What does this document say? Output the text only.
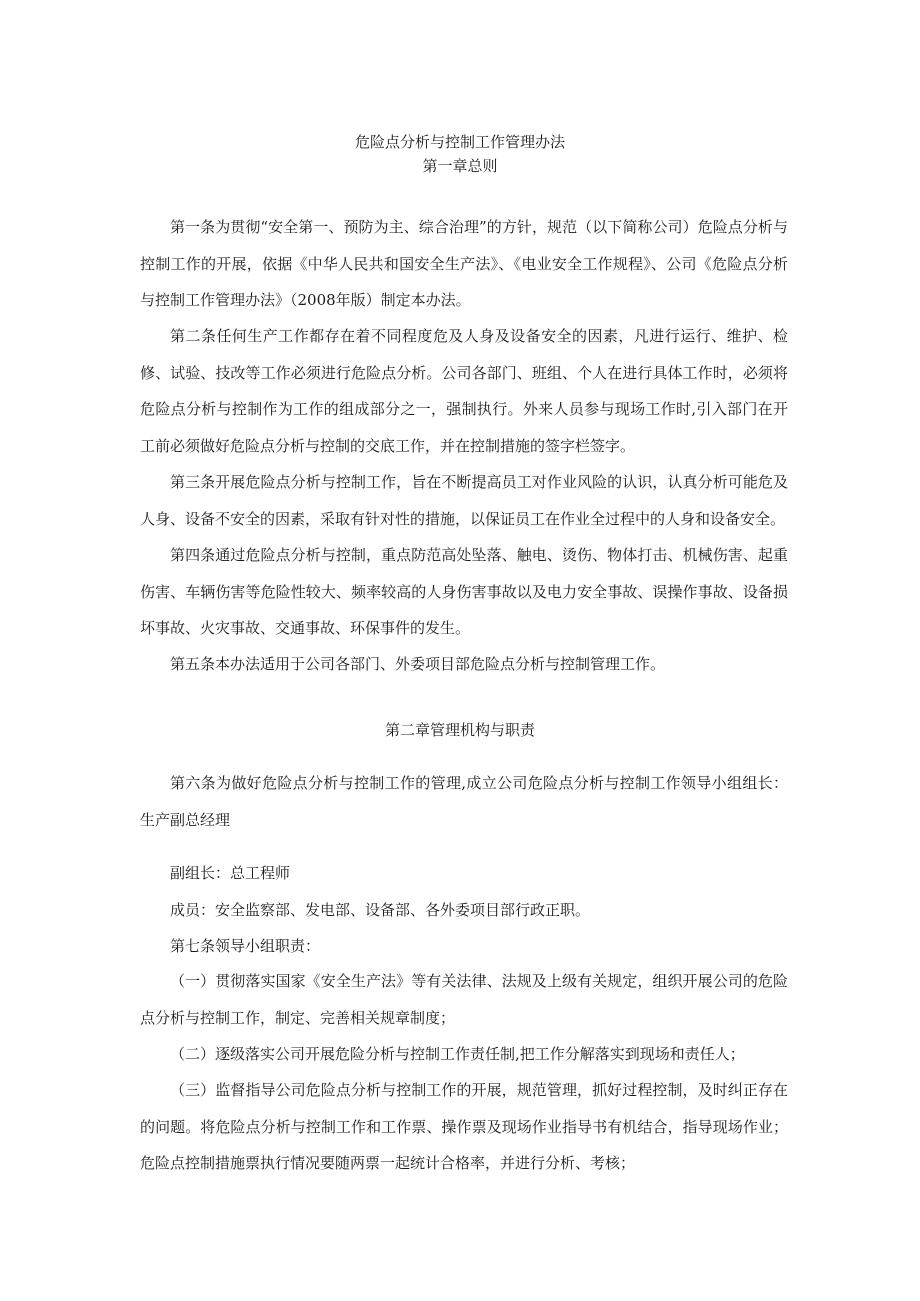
危险点分析与控制工作管理办法
第一章总则
第一条为贯彻“安全第一、预防为主、综合治理”的方针，规范（以下简称公司）危险点分析与控制工作的开展，依据《中华人民共和国安全生产法》、《电业安全工作规程》、公司《危险点分析与控制工作管理办法》（2008年版）制定本办法。
第二条任何生产工作都存在着不同程度危及人身及设备安全的因素，凡进行运行、维护、检修、试验、技改等工作必须进行危险点分析。公司各部门、班组、个人在进行具体工作时，必须将危险点分析与控制作为工作的组成部分之一，强制执行。外来人员参与现场工作时,引入部门在开工前必须做好危险点分析与控制的交底工作，并在控制措施的签字栏签字。
第三条开展危险点分析与控制工作，旨在不断提高员工对作业风险的认识，认真分析可能危及人身、设备不安全的因素，采取有针对性的措施，以保证员工在作业全过程中的人身和设备安全。
第四条通过危险点分析与控制，重点防范高处坠落、触电、烫伤、物体打击、机械伤害、起重伤害、车辆伤害等危险性较大、频率较高的人身伤害事故以及电力安全事故、误操作事故、设备损坏事故、火灾事故、交通事故、环保事件的发生。
第五条本办法适用于公司各部门、外委项目部危险点分析与控制管理工作。
第二章管理机构与职责
第六条为做好危险点分析与控制工作的管理,成立公司危险点分析与控制工作领导小组组长：生产副总经理
副组长：总工程师
成员：安全监察部、发电部、设备部、各外委项目部行政正职。
第七条领导小组职责：
（一）贯彻落实国家《安全生产法》等有关法律、法规及上级有关规定，组织开展公司的危险点分析与控制工作，制定、完善相关规章制度；
（二）逐级落实公司开展危险分析与控制工作责任制,把工作分解落实到现场和责任人；
（三）监督指导公司危险点分析与控制工作的开展，规范管理，抓好过程控制，及时纠正存在的问题。将危险点分析与控制工作和工作票、操作票及现场作业指导书有机结合，指导现场作业；危险点控制措施票执行情况要随两票一起统计合格率，并进行分析、考核；
